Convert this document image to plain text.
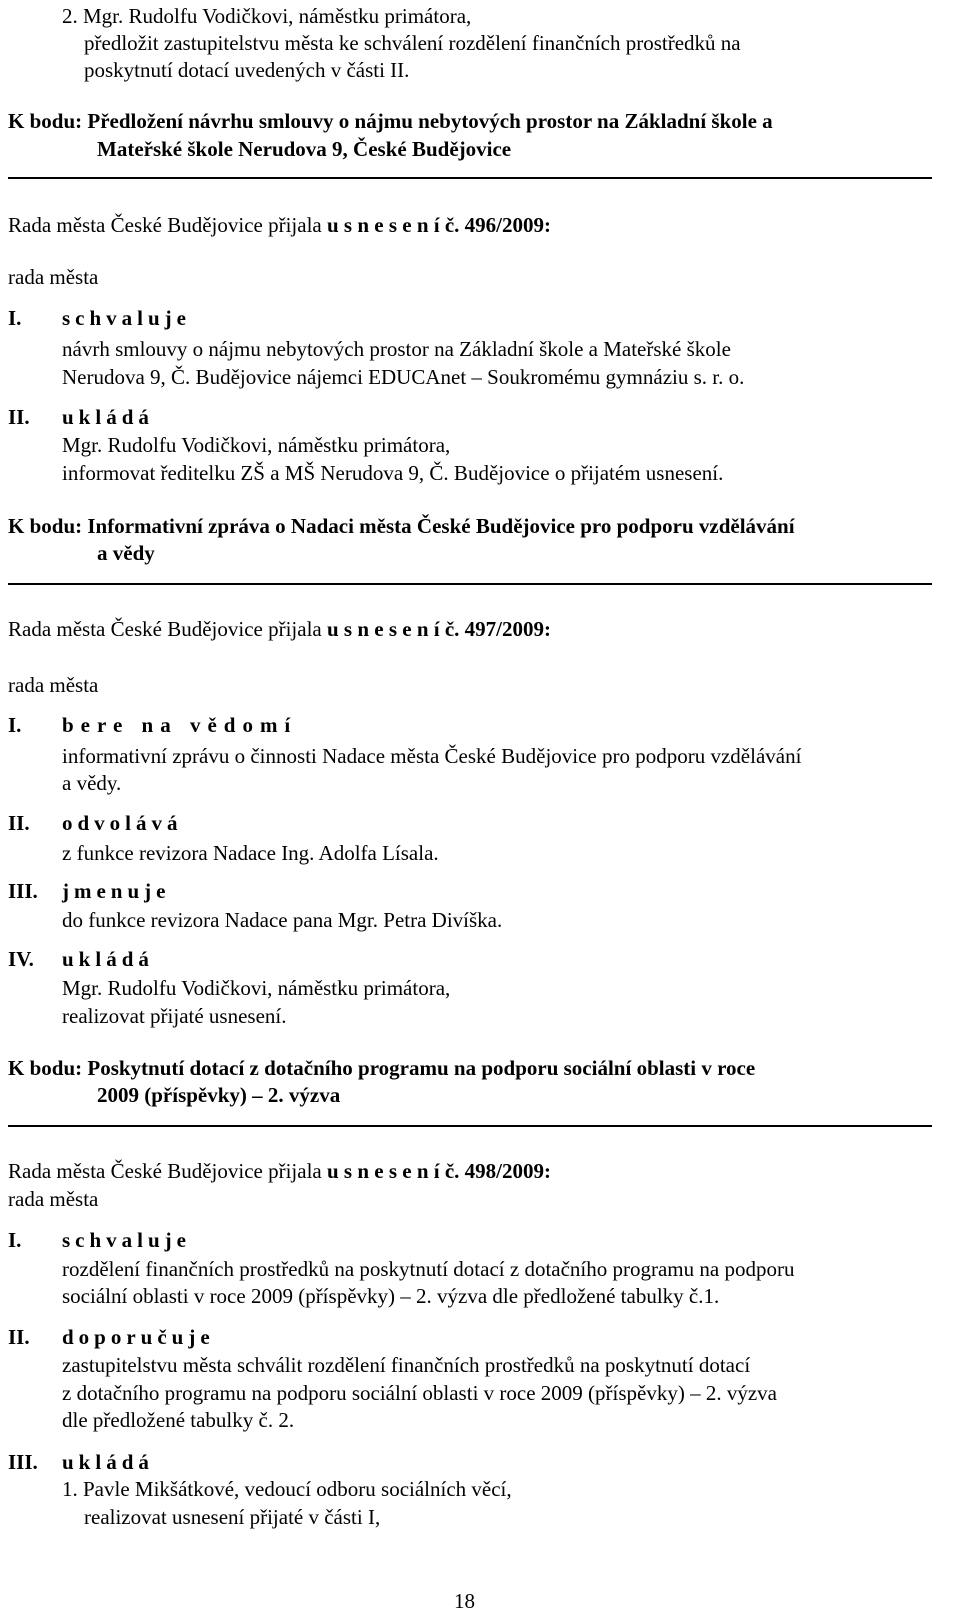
2. Mgr. Rudolfu Vodičkovi, náměstku primátora,
předložit zastupitelstvu města ke schválení rozdělení finančních prostředků na
poskytnutí dotací uvedených v části II.
K bodu: Předložení návrhu smlouvy o nájmu nebytových prostor na Základní škole a
Mateřské škole Nerudova 9, České Budějovice
Rada města České Budějovice přijala u s n e s e n í č. 496/2009:
rada města
I. schvaluje
návrh smlouvy o nájmu nebytových prostor na Základní škole a Mateřské škole
Nerudova 9, Č. Budějovice nájemci EDUCAnet – Soukromému gymnáziu s. r. o.
II. ukládá
Mgr. Rudolfu Vodičkovi, náměstku primátora,
informovat ředitelku ZŠ a MŠ Nerudova 9, Č. Budějovice o přijatém usnesení.
K bodu: Informativní zpráva o Nadaci města České Budějovice pro podporu vzdělávání
a vědy
Rada města České Budějovice přijala u s n e s e n í č. 497/2009:
rada města
I. bere na vědomí
informativní zprávu o činnosti Nadace města České Budějovice pro podporu vzdělávání
a vědy.
II. odvolává
z funkce revizora Nadace Ing. Adolfa Lísala.
III. jmenuje
do funkce revizora Nadace pana Mgr. Petra Divíška.
IV. ukládá
Mgr. Rudolfu Vodičkovi, náměstku primátora,
realizovat přijaté usnesení.
K bodu: Poskytnutí dotací z dotačního programu na podporu sociální oblasti v roce
2009 (příspěvky) – 2. výzva
Rada města České Budějovice přijala u s n e s e n í č. 498/2009:
rada města
I. schvaluje
rozdělení finančních prostředků na poskytnutí dotací z dotačního programu na podporu
sociální oblasti v roce 2009 (příspěvky) – 2. výzva dle předložené tabulky č.1.
II. doporučuje
zastupitelstvu města schválit rozdělení finančních prostředků na poskytnutí dotací
z dotačního programu na podporu sociální oblasti v roce 2009 (příspěvky) – 2. výzva
dle předložené tabulky č. 2.
III. ukládá
1. Pavle Mikšátkové, vedoucí odboru sociálních věcí,
realizovat usnesení přijaté v části I,
18
